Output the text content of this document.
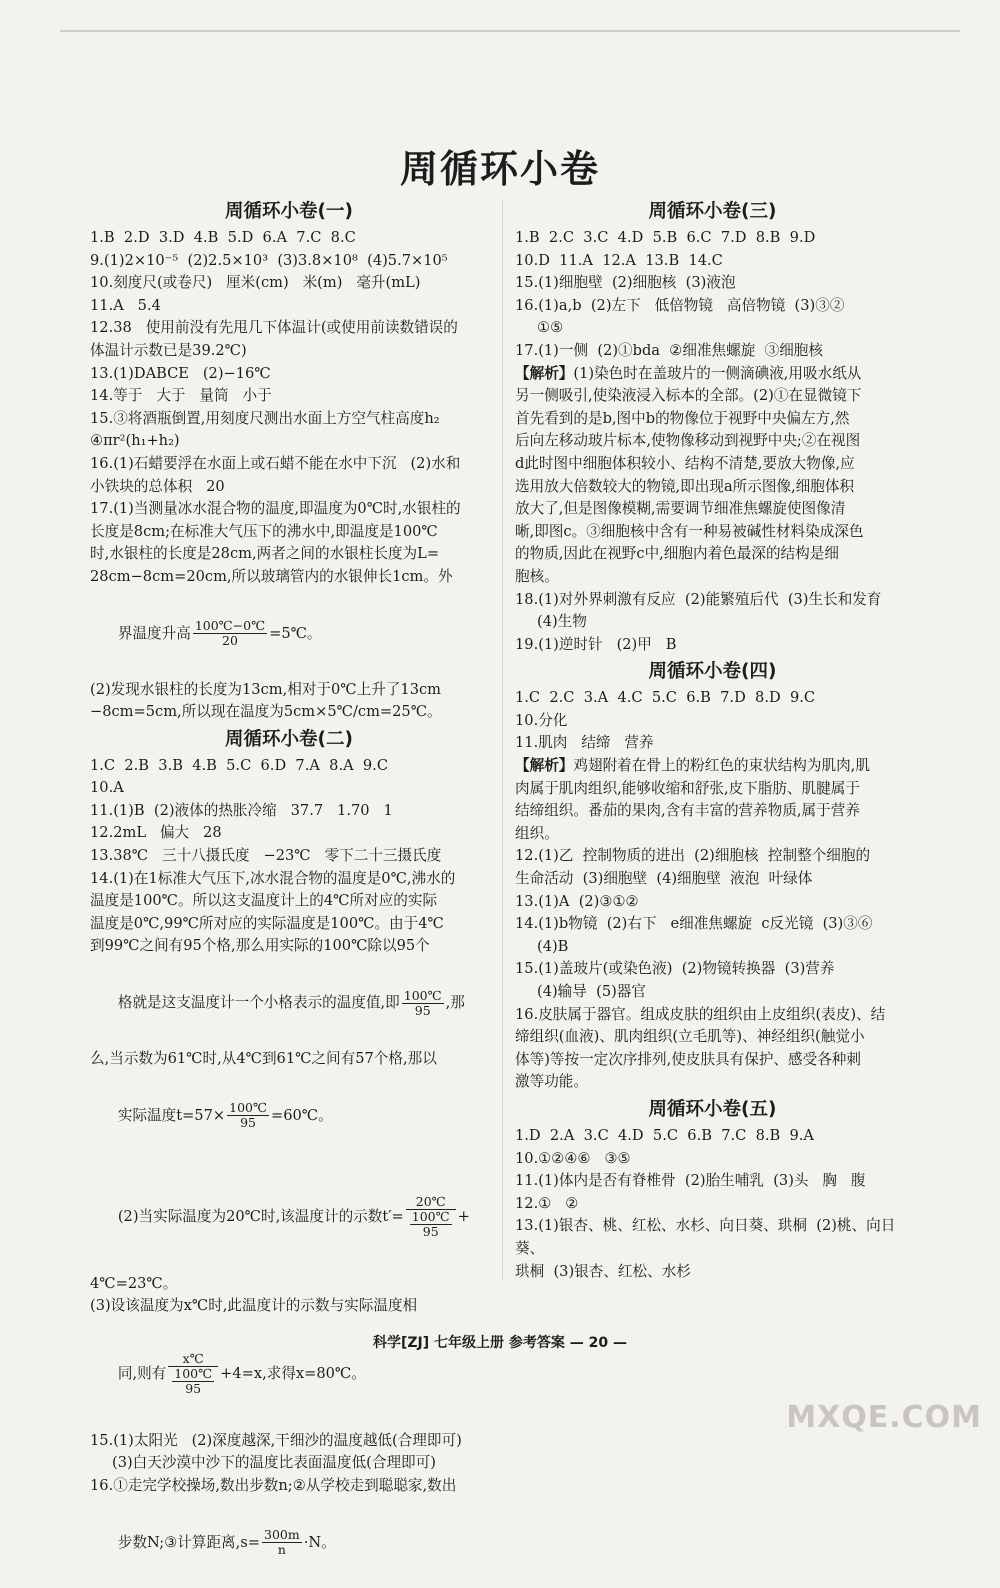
周循环小卷
周循环小卷(一)
1.B  2.D  3.D  4.B  5.D  6.A  7.C  8.C
9.(1)2×10⁻⁵  (2)2.5×10³  (3)3.8×10⁸  (4)5.7×10⁵
10.刻度尺(或卷尺)   厘米(cm)   米(m)   毫升(mL)
11.A   5.4
12.38   使用前没有先甩几下体温计(或使用前读数错误的
体温计示数已是39.2℃)
13.(1)DABCE   (2)−16℃
14.等于   大于   量筒   小于
15.③将酒瓶倒置,用刻度尺测出水面上方空气柱高度h₂
④πr²(h₁+h₂)
16.(1)石蜡要浮在水面上或石蜡不能在水中下沉   (2)水和
小铁块的总体积   20
17.(1)当测量冰水混合物的温度,即温度为0℃时,水银柱的
长度是8cm;在标准大气压下的沸水中,即温度是100℃
时,水银柱的长度是28cm,两者之间的水银柱长度为L=
28cm−8cm=20cm,所以玻璃管内的水银伸长1cm。外

界温度升高 $\frac{100℃-0℃}{20}$ =5℃。

(2)发现水银柱的长度为13cm,相对于0℃上升了13cm
−8cm=5cm,所以现在温度为5cm×5℃/cm=25℃。
周循环小卷(二)
1.C  2.B  3.B  4.B  5.C  6.D  7.A  8.A  9.C
10.A
11.(1)B  (2)液体的热胀冷缩   37.7   1.70   1
12.2mL   偏大   28
13.38℃   三十八摄氏度   −23℃   零下二十三摄氏度
14.(1)在1标准大气压下,冰水混合物的温度是0℃,沸水的
温度是100℃。所以这支温度计上的4℃所对应的实际
温度是0℃,99℃所对应的实际温度是100℃。由于4℃
到99℃之间有95个格,那么用实际的100℃除以95个

格就是这支温度计一个小格表示的温度值,即 $\frac{100℃}{95}$ ,那

么,当示数为61℃时,从4℃到61℃之间有57个格,那以

实际温度$t=57\times \frac{100℃}{95}$ =60℃。

(2)当实际温度为20℃时,该温度计的示数$t'= \frac{20℃}{\frac{100℃}{95}}$ +

4℃=23℃。
(3)设该温度为x℃时,此温度计的示数与实际温度相

同,则有 $\frac{x℃}{\frac{100℃}{95}} +4=x$,求得x=80℃。

15.(1)太阳光   (2)深度越深,干细沙的温度越低(合理即可)
(3)白天沙漠中沙下的温度比表面温度低(合理即可)
16.①走完学校操场,数出步数n;②从学校走到聪聪家,数出

步数N;③计算距离$,s= \frac{300m}{n} \cdot N$。

周循环小卷(三)
1.B  2.C  3.C  4.D  5.B  6.C  7.D  8.B  9.D
10.D  11.A  12.A  13.B  14.C
15.(1)细胞壁  (2)细胞核  (3)液泡
16.(1)a,b  (2)左下   低倍物镜   高倍物镜  (3)③②
①⑤
17.(1)一侧  (2)①bda  ②细准焦螺旋  ③细胞核
【解析】(1)染色时在盖玻片的一侧滴碘液,用吸水纸从
另一侧吸引,使染液浸入标本的全部。(2)①在显微镜下
首先看到的是b,图中b的物像位于视野中央偏左方,然
后向左移动玻片标本,使物像移动到视野中央;②在视图
d此时图中细胞体积较小、结构不清楚,要放大物像,应
选用放大倍数较大的物镜,即出现a所示图像,细胞体积
放大了,但是图像模糊,需要调节细准焦螺旋使图像清
晰,即图c。③细胞核中含有一种易被碱性材料染成深色
的物质,因此在视野c中,细胞内着色最深的结构是细
胞核。
18.(1)对外界刺激有反应  (2)能繁殖后代  (3)生长和发育
(4)生物
19.(1)逆时针   (2)甲   B
周循环小卷(四)
1.C  2.C  3.A  4.C  5.C  6.B  7.D  8.D  9.C
10.分化
11.肌肉   结缔   营养
【解析】鸡翅附着在骨上的粉红色的束状结构为肌肉,肌
肉属于肌肉组织,能够收缩和舒张,皮下脂肪、肌腱属于
结缔组织。番茄的果肉,含有丰富的营养物质,属于营养
组织。
12.(1)乙  控制物质的进出  (2)细胞核  控制整个细胞的
生命活动  (3)细胞壁  (4)细胞壁  液泡  叶绿体
13.(1)A  (2)③①②
14.(1)b物镜  (2)右下   e细准焦螺旋  c反光镜  (3)③⑥
(4)B
15.(1)盖玻片(或染色液)  (2)物镜转换器  (3)营养
(4)输导  (5)器官
16.皮肤属于器官。组成皮肤的组织由上皮组织(表皮)、结
缔组织(血液)、肌肉组织(立毛肌等)、神经组织(触觉小
体等)等按一定次序排列,使皮肤具有保护、感受各种刺
激等功能。
周循环小卷(五)
1.D  2.A  3.C  4.D  5.C  6.B  7.C  8.B  9.A
10.①②④⑥   ③⑤
11.(1)体内是否有脊椎骨  (2)胎生哺乳  (3)头   胸   腹
12.①   ②
13.(1)银杏、桃、红松、水杉、向日葵、珙桐  (2)桃、向日葵、
珙桐  (3)银杏、红松、水杉
科学[ZJ] 七年级上册 参考答案 — 20 —
MXQE.COM
